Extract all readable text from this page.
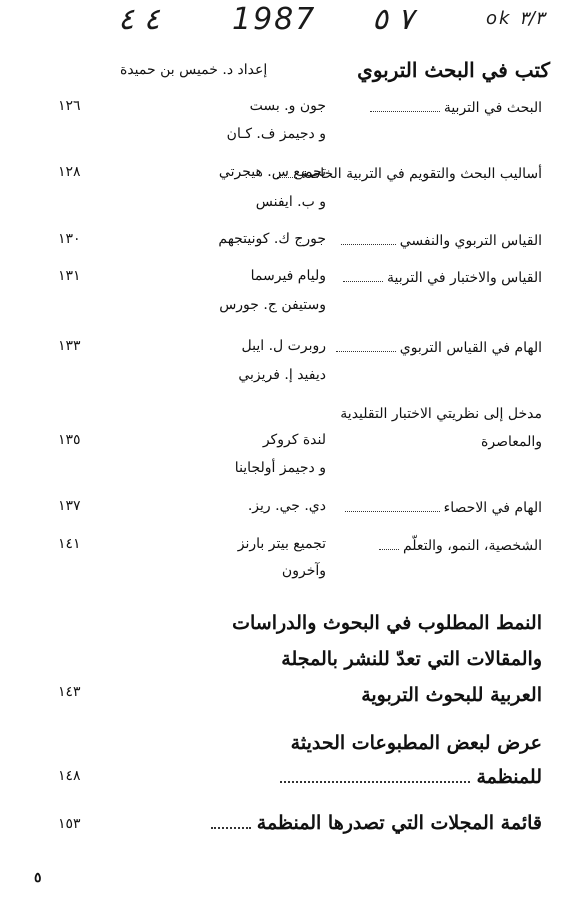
٤ ٤ 1987 ٧ ٥	ok ٣/٣
كتب في البحث التربوي
إعداد د. خميس بن حميدة
البحث في التربية
جون و. بست
و دجيمز ف. كـان
١٢٦
أساليب البحث والتقويم في التربية الخاصة
تجميع س. هيجرتي
و ب. ايفنس
١٢٨
القياس التربوي والنفسي
جورج ك. كونيتجهم
١٣٠
القياس والاختبار في التربية
وليام فيرسما
وستيفن ج. جورس
١٣١
الهام في القياس التربوي
روبرت ل. ايبل
ديفيد إ. فريزبي
١٣٣
مدخل إلى نظريتي الاختبار التقليدية
والمعاصرة
لندة كروكر
و دجيمز أولجاينا
١٣٥
الهام في الاحصاء
دي. جي. ريز.
١٣٧
الشخصية، النمو، والتعلّم
تجميع بيتر بارنز
وآخرون
١٤١
النمط المطلوب في البحوث والدراسات
والمقالات التي تعدّ للنشر بالمجلة
العربية للبحوث التربوية
١٤٣
عرض لبعض المطبوعات الحديثة
للمنظمة
١٤٨
قائمة المجلات التي تصدرها المنظمة
١٥٣
٥
